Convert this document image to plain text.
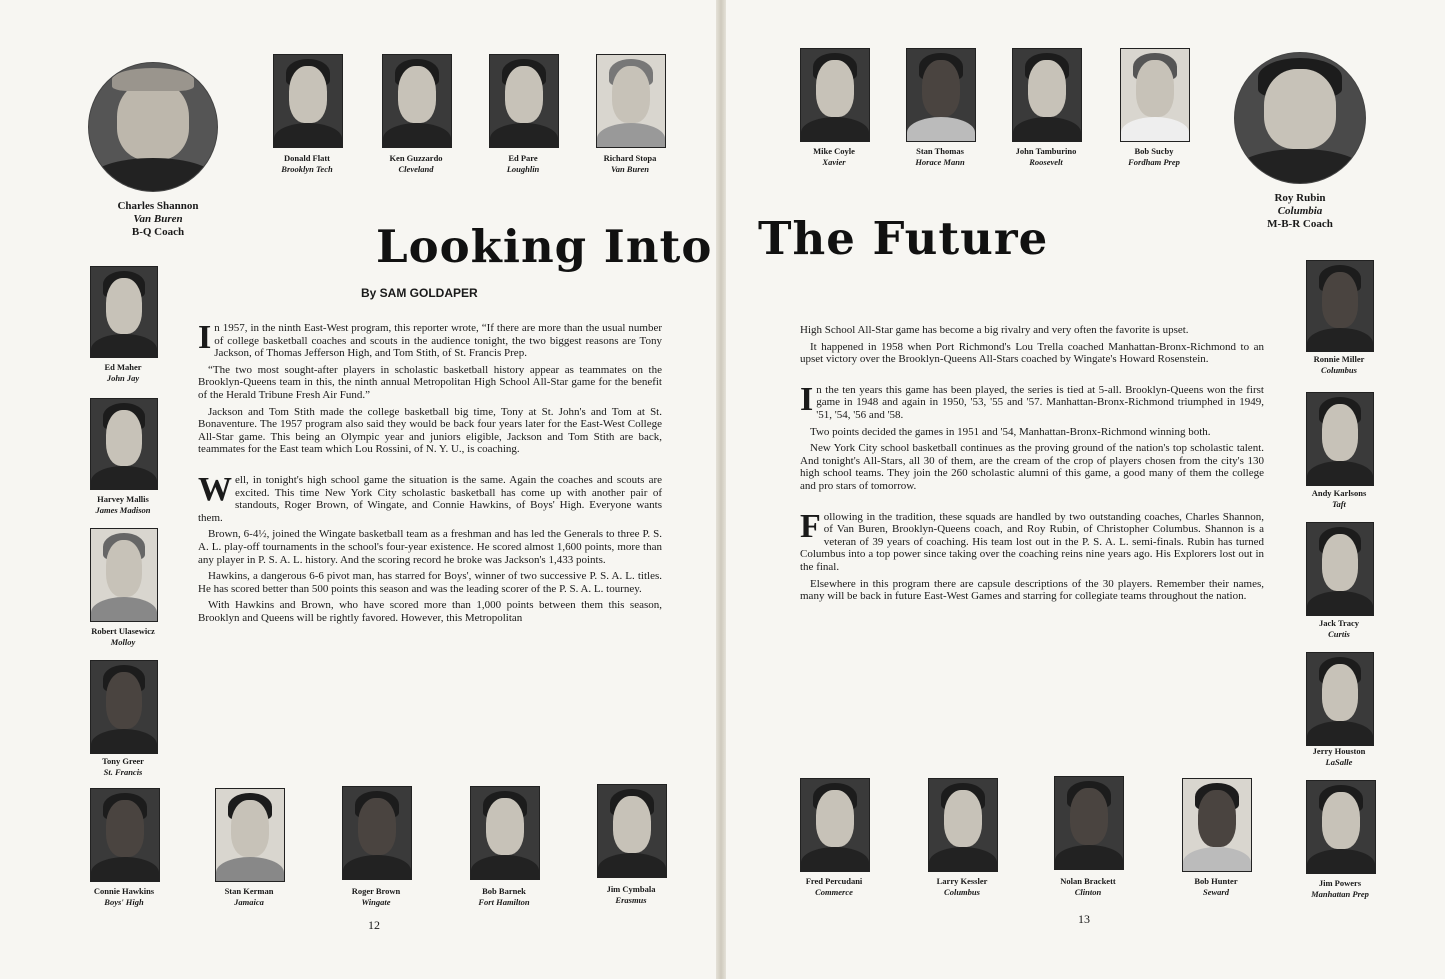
Charles Shannon
Van Buren
B-Q Coach
Donald Flatt
Brooklyn Tech
Ken Guzzardo
Cleveland
Ed Pare
Loughlin
Richard Stopa
Van Buren
Looking Into
By SAM GOLDAPER
Ed Maher
John Jay
Harvey Mallis
James Madison
Robert Ulasewicz
Molloy
Tony Greer
St. Francis
Connie Hawkins
Boys' High
Stan Kerman
Jamaica
Roger Brown
Wingate
Bob Barnek
Fort Hamilton
Jim Cymbala
Erasmus

In 1957, in the ninth East-West program, this reporter wrote, “If there are more than the usual number of college basketball coaches and scouts in the audience tonight, the two biggest reasons are Tony Jackson, of Thomas Jefferson High, and Tom Stith, of St. Francis Prep.

“The two most sought-after players in scholastic basketball history appear as teammates on the Brooklyn-Queens team in this, the ninth annual Metropolitan High School All-Star game for the benefit of the Herald Tribune Fresh Air Fund.”

Jackson and Tom Stith made the college basketball big time, Tony at St. John's and Tom at St. Bonaventure. The 1957 program also said they would be back four years later for the East-West College All-Star game. This being an Olympic year and juniors eligible, Jackson and Tom Stith are back, teammates for the East team which Lou Rossini, of N. Y. U., is coaching.

Well, in tonight's high school game the situation is the same. Again the coaches and scouts are excited. This time New York City scholastic basketball has come up with another pair of standouts, Roger Brown, of Wingate, and Connie Hawkins, of Boys' High. Everyone wants them.

Brown, 6-4½, joined the Wingate basketball team as a freshman and has led the Generals to three P. S. A. L. play-off tournaments in the school's four-year existence. He scored almost 1,600 points, more than any player in P. S. A. L. history. And the scoring record he broke was Jackson's 1,433 points.

Hawkins, a dangerous 6-6 pivot man, has starred for Boys', winner of two successive P. S. A. L. titles. He has scored better than 500 points this season and was the leading scorer of the P. S. A. L. tourney.

With Hawkins and Brown, who have scored more than 1,000 points between them this season, Brooklyn and Queens will be rightly favored. However, this Metropolitan

12
Mike Coyle
Xavier
Stan Thomas
Horace Mann
John Tamburino
Roosevelt
Bob Sucby
Fordham Prep
Roy Rubin
Columbia
M-B-R Coach
The Future
Ronnie Miller
Columbus
Andy Karlsons
Taft
Jack Tracy
Curtis
Jerry Houston
LaSalle
Fred Percudani
Commerce
Larry Kessler
Columbus
Nolan Brackett
Clinton
Bob Hunter
Seward
Jim Powers
Manhattan Prep

High School All-Star game has become a big rivalry and very often the favorite is upset.

It happened in 1958 when Port Richmond's Lou Trella coached Manhattan-Bronx-Richmond to an upset victory over the Brooklyn-Queens All-Stars coached by Wingate's Howard Rosenstein.

In the ten years this game has been played, the series is tied at 5-all. Brooklyn-Queens won the first game in 1948 and again in 1950, '53, '55 and '57. Manhattan-Bronx-Richmond triumphed in 1949, '51, '54, '56 and '58.

Two points decided the games in 1951 and '54, Manhattan-Bronx-Richmond winning both.

New York City school basketball continues as the proving ground of the nation's top scholastic talent. And tonight's All-Stars, all 30 of them, are the cream of the crop of players chosen from the city's 130 high school teams. They join the 260 scholastic alumni of this game, a good many of them the college and pro stars of tomorrow.

Following in the tradition, these squads are handled by two outstanding coaches, Charles Shannon, of Van Buren, Brooklyn-Queens coach, and Roy Rubin, of Christopher Columbus. Shannon is a veteran of 39 years of coaching. His team lost out in the P. S. A. L. semi-finals. Rubin has turned Columbus into a top power since taking over the coaching reins nine years ago. His Explorers lost out in the final.

Elsewhere in this program there are capsule descriptions of the 30 players. Remember their names, many will be back in future East-West Games and starring for collegiate teams throughout the nation.

13
